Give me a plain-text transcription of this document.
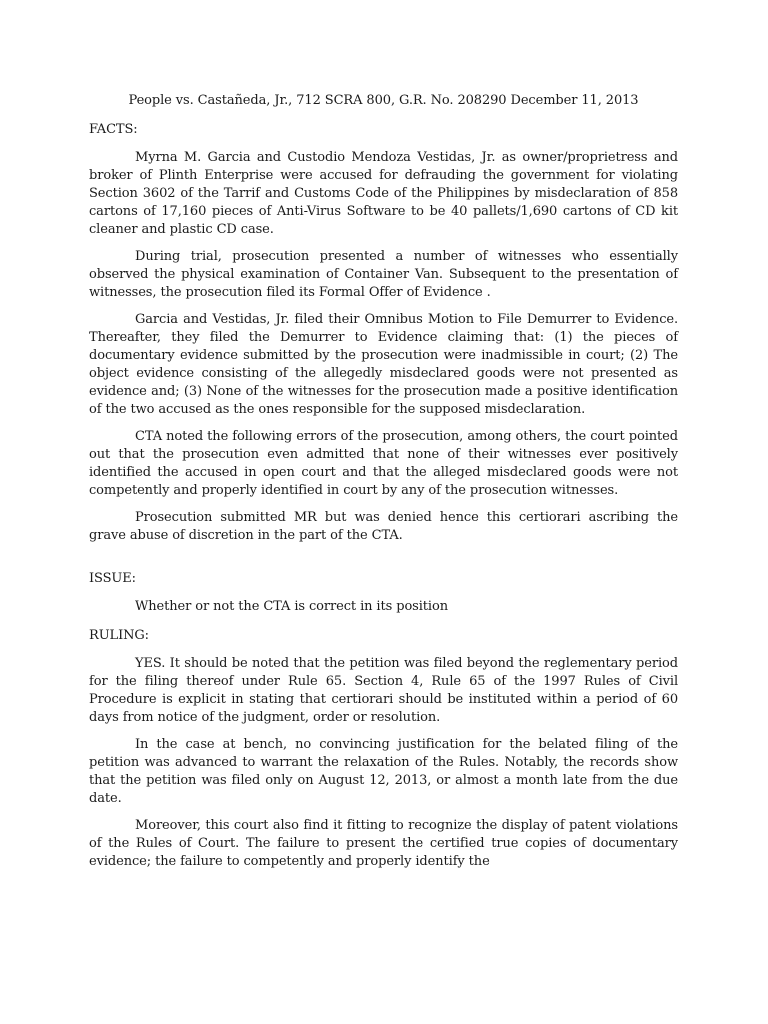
People vs. Castañeda, Jr., 712 SCRA 800, G.R. No. 208290 December 11, 2013
FACTS:

Myrna M. Garcia and Custodio Mendoza Vestidas, Jr. as owner/proprietress and broker of Plinth Enterprise were accused for defrauding the government for violating Section 3602 of the Tarrif and Customs Code of the Philippines by misdeclaration of 858 cartons of 17,160 pieces of Anti-Virus Software to be 40 pallets/1,690 cartons of CD kit cleaner and plastic CD case.

During trial, prosecution presented a number of witnesses who essentially observed the physical examination of Container Van. Subsequent to the presentation of witnesses, the prosecution filed its Formal Offer of Evidence .

Garcia and Vestidas, Jr. filed their Omnibus Motion to File Demurrer to Evidence. Thereafter, they filed the Demurrer to Evidence claiming that: (1) the pieces of documentary evidence submitted by the prosecution were inadmissible in court; (2) The object evidence consisting of the allegedly misdeclared goods were not presented as evidence and; (3) None of the witnesses for the prosecution made a positive identification of the two accused as the ones responsible for the supposed misdeclaration.

CTA noted the following errors of the prosecution, among others, the court pointed out that the prosecution even admitted that none of their witnesses ever positively identified the accused in open court and that the alleged misdeclared goods were not competently and properly identified in court by any of the prosecution witnesses.

Prosecution submitted MR but was denied hence this certiorari ascribing the grave abuse of discretion in the part of the CTA.

ISSUE:

Whether or not the CTA is correct in its position

RULING:

YES. It should be noted that the petition was filed beyond the reglementary period for the filing thereof under Rule 65. Section 4, Rule 65 of the 1997 Rules of Civil Procedure is explicit in stating that certiorari should be instituted within a period of 60 days from notice of the judgment, order or resolution.

In the case at bench, no convincing justification for the belated filing of the petition was advanced to warrant the relaxation of the Rules. Notably, the records show that the petition was filed only on August 12, 2013, or almost a month late from the due date.

Moreover, this court also find it fitting to recognize the display of patent violations of the Rules of Court. The failure to present the certified true copies of documentary evidence; the failure to competently and properly identify the
